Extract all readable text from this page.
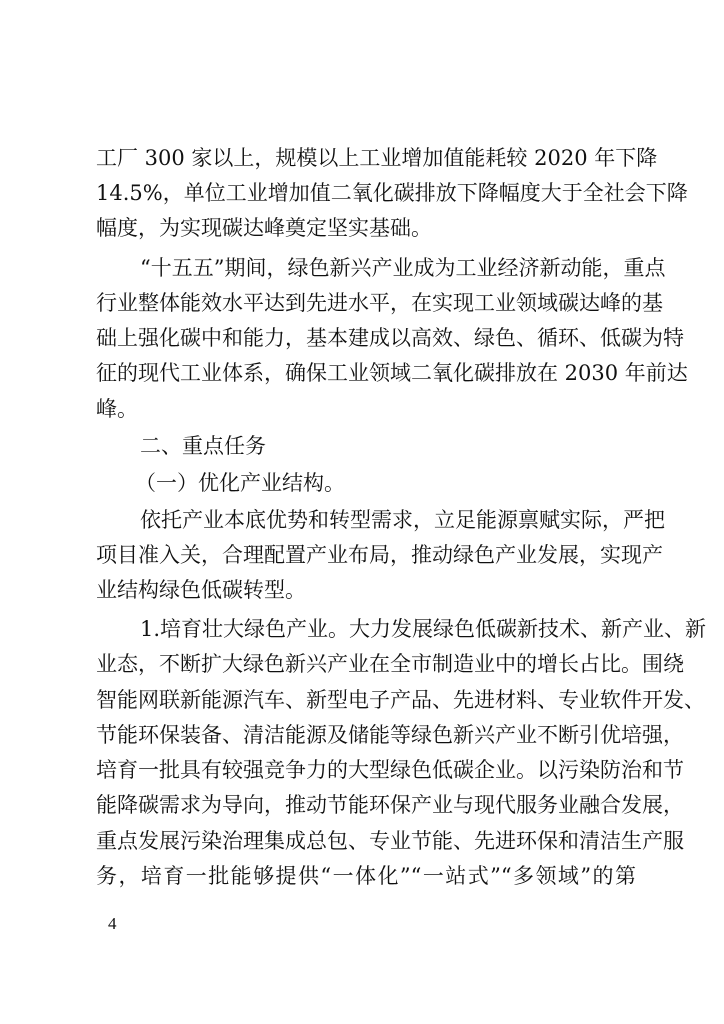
工厂 300 家以上，规模以上工业增加值能耗较 2020 年下降
14.5%，单位工业增加值二氧化碳排放下降幅度大于全社会下降
幅度，为实现碳达峰奠定坚实基础。
“十五五”期间，绿色新兴产业成为工业经济新动能，重点
行业整体能效水平达到先进水平，在实现工业领域碳达峰的基
础上强化碳中和能力，基本建成以高效、绿色、循环、低碳为特
征的现代工业体系，确保工业领域二氧化碳排放在 2030 年前达
峰。
二、重点任务
（一）优化产业结构。
依托产业本底优势和转型需求，立足能源禀赋实际，严把
项目准入关，合理配置产业布局，推动绿色产业发展，实现产
业结构绿色低碳转型。
1.培育壮大绿色产业。大力发展绿色低碳新技术、新产业、新
业态，不断扩大绿色新兴产业在全市制造业中的增长占比。围绕
智能网联新能源汽车、新型电子产品、先进材料、专业软件开发、
节能环保装备、清洁能源及储能等绿色新兴产业不断引优培强，
培育一批具有较强竞争力的大型绿色低碳企业。以污染防治和节
能降碳需求为导向，推动节能环保产业与现代服务业融合发展，
重点发展污染治理集成总包、专业节能、先进环保和清洁生产服
务，培育一批能够提供“一体化”“一站式”“多领域”的第
4
